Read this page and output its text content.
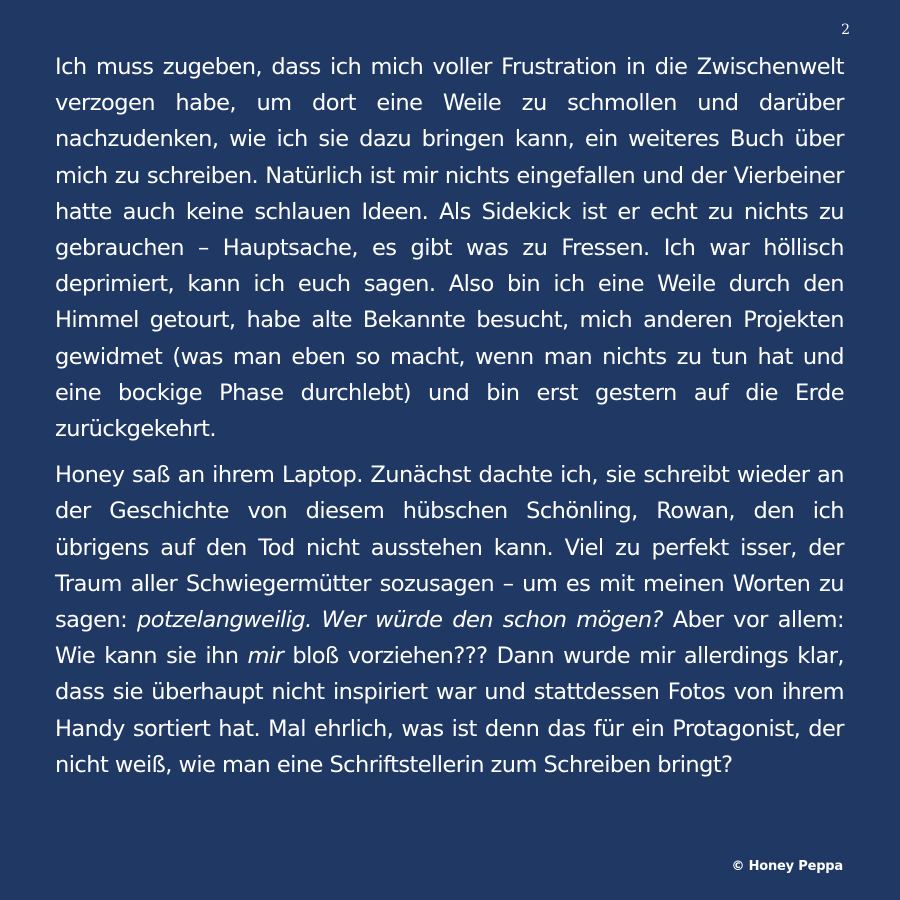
2

Ich muss zugeben, dass ich mich voller Frustration in die Zwischenwelt verzogen habe, um dort eine Weile zu schmollen und darüber nachzudenken, wie ich sie dazu bringen kann, ein weiteres Buch über mich zu schreiben. Natürlich ist mir nichts eingefallen und der Vierbeiner hatte auch keine schlauen Ideen. Als Sidekick ist er echt zu nichts zu gebrauchen – Hauptsache, es gibt was zu Fressen. Ich war höllisch deprimiert, kann ich euch sagen. Also bin ich eine Weile durch den Himmel getourt, habe alte Bekannte besucht, mich anderen Projekten gewidmet (was man eben so macht, wenn man nichts zu tun hat und eine bockige Phase durchlebt) und bin erst gestern auf die Erde zurückgekehrt.

Honey saß an ihrem Laptop. Zunächst dachte ich, sie schreibt wieder an der Geschichte von diesem hübschen Schönling, Rowan, den ich übrigens auf den Tod nicht ausstehen kann. Viel zu perfekt isser, der Traum aller Schwiegermütter sozusagen – um es mit meinen Worten zu sagen: potzelangweilig. Wer würde den schon mögen? Aber vor allem: Wie kann sie ihn mir bloß vorziehen??? Dann wurde mir allerdings klar, dass sie überhaupt nicht inspiriert war und stattdessen Fotos von ihrem Handy sortiert hat. Mal ehrlich, was ist denn das für ein Protagonist, der nicht weiß, wie man eine Schriftstellerin zum Schreiben bringt?

© Honey Peppa
